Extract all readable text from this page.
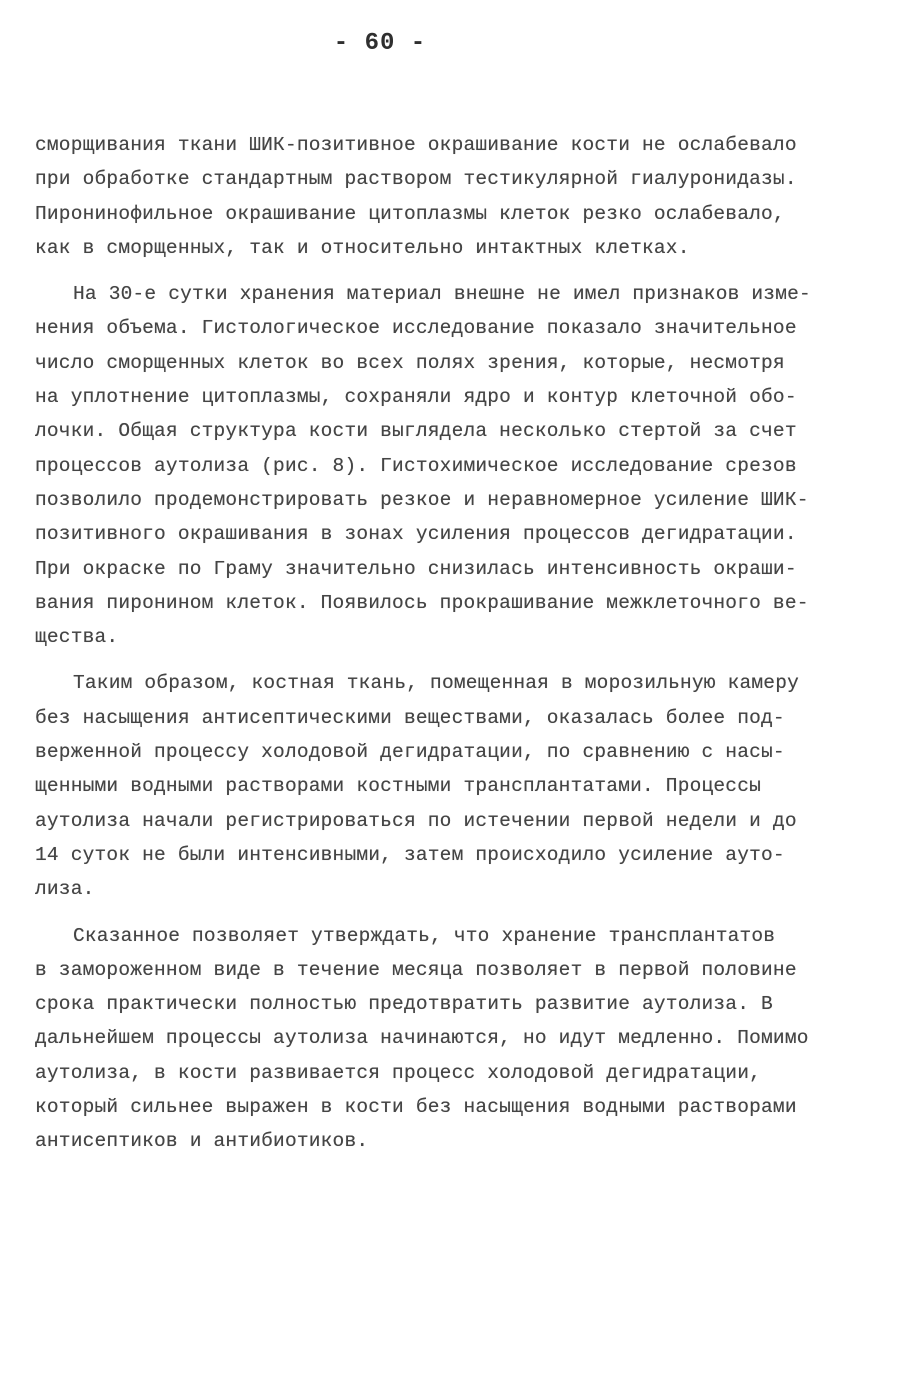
- 60 -
сморщивания ткани ШИК-позитивное окрашивание кости не ослабевало
при обработке стандартным раствором тестикулярной гиалуронидазы.
Пиронинофильное окрашивание цитоплазмы клеток резко ослабевало,
как в сморщенных, так и относительно интактных клетках.
На 30-е сутки хранения материал внешне не имел признаков изме-
нения объема. Гистологическое исследование показало значительное
число сморщенных клеток во всех полях зрения, которые, несмотря
на уплотнение цитоплазмы, сохраняли ядро и контур клеточной обо-
лочки. Общая структура кости выглядела несколько стертой за счет
процессов аутолиза (рис. 8). Гистохимическое исследование срезов
позволило продемонстрировать резкое и неравномерное усиление ШИК-
позитивного окрашивания в зонах усиления процессов дегидратации.
При окраске по Граму значительно снизилась интенсивность окраши-
вания пиронином клеток. Появилось прокрашивание межклеточного ве-
щества.
Таким образом, костная ткань, помещенная в морозильную камеру
без насыщения антисептическими веществами, оказалась более под-
верженной процессу холодовой дегидратации, по сравнению с насы-
щенными водными растворами костными трансплантатами. Процессы
аутолиза начали регистрироваться по истечении первой недели и до
14 суток не были интенсивными, затем происходило усиление ауто-
лиза.
Сказанное позволяет утверждать, что хранение трансплантатов
в замороженном виде в течение месяца позволяет в первой половине
срока практически полностью предотвратить развитие аутолиза. В
дальнейшем процессы аутолиза начинаются, но идут медленно. Помимо
аутолиза, в кости развивается процесс холодовой дегидратации,
который сильнее выражен в кости без насыщения водными растворами
антисептиков и антибиотиков.
